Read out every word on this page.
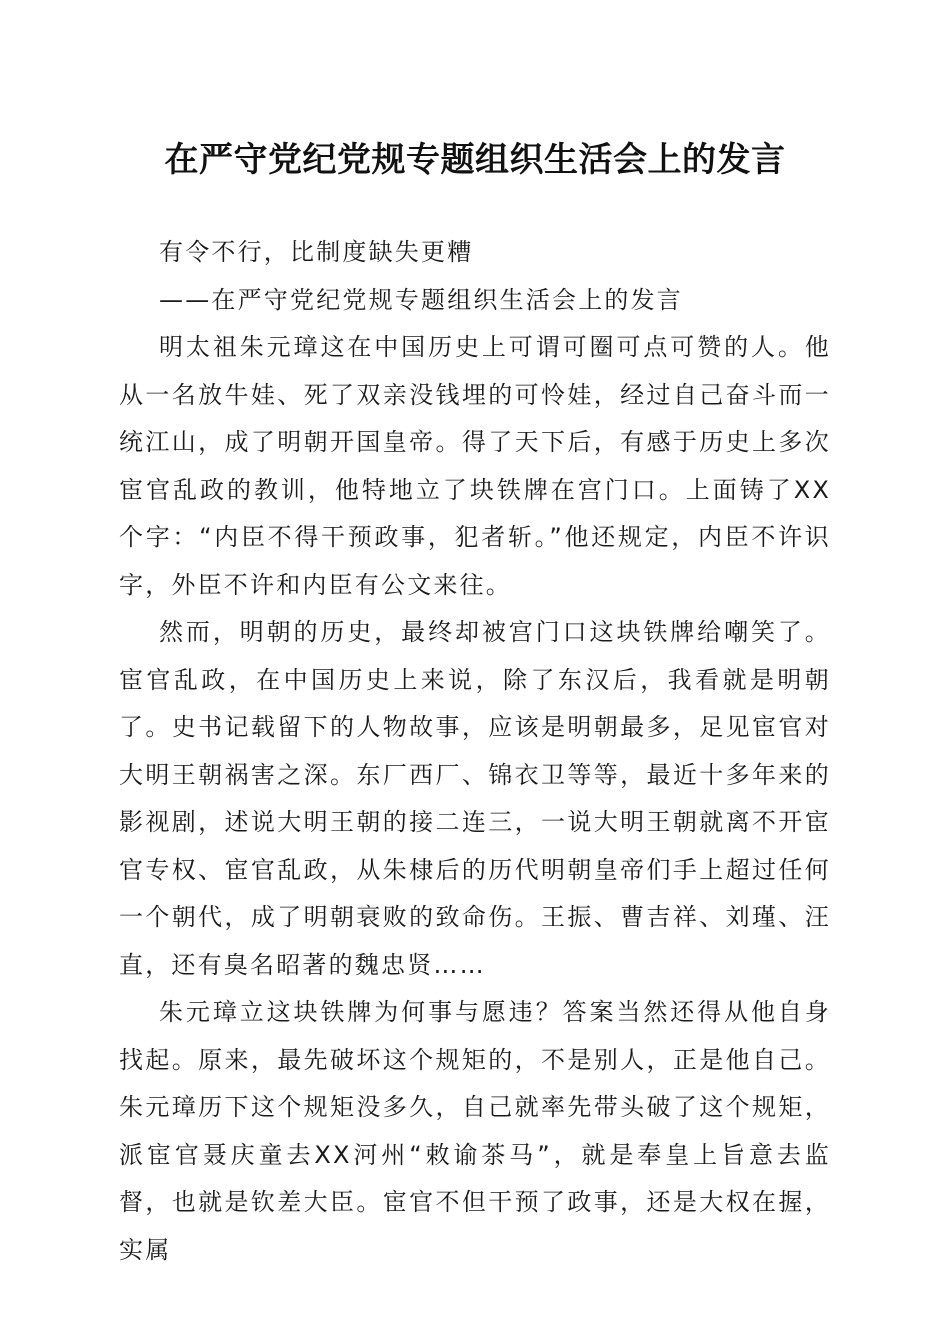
在严守党纪党规专题组织生活会上的发言

有令不行，比制度缺失更糟

——在严守党纪党规专题组织生活会上的发言

明太祖朱元璋这在中国历史上可谓可圈可点可赞的人。他从一名放牛娃、死了双亲没钱埋的可怜娃，经过自己奋斗而一统江山，成了明朝开国皇帝。得了天下后，有感于历史上多次宦官乱政的教训，他特地立了块铁牌在宫门口。上面铸了XX个字：“内臣不得干预政事，犯者斩。”他还规定，内臣不许识字，外臣不许和内臣有公文来往。

然而，明朝的历史，最终却被宫门口这块铁牌给嘲笑了。宦官乱政，在中国历史上来说，除了东汉后，我看就是明朝了。史书记载留下的人物故事，应该是明朝最多，足见宦官对大明王朝祸害之深。东厂西厂、锦衣卫等等，最近十多年来的影视剧，述说大明王朝的接二连三，一说大明王朝就离不开宦官专权、宦官乱政，从朱棣后的历代明朝皇帝们手上超过任何一个朝代，成了明朝衰败的致命伤。王振、曹吉祥、刘瑾、汪直，还有臭名昭著的魏忠贤……

朱元璋立这块铁牌为何事与愿违？答案当然还得从他自身找起。原来，最先破坏这个规矩的，不是别人，正是他自己。朱元璋历下这个规矩没多久，自己就率先带头破了这个规矩，派宦官聂庆童去XX河州“敕谕茶马”，就是奉皇上旨意去监督，也就是钦差大臣。宦官不但干预了政事，还是大权在握，实属
